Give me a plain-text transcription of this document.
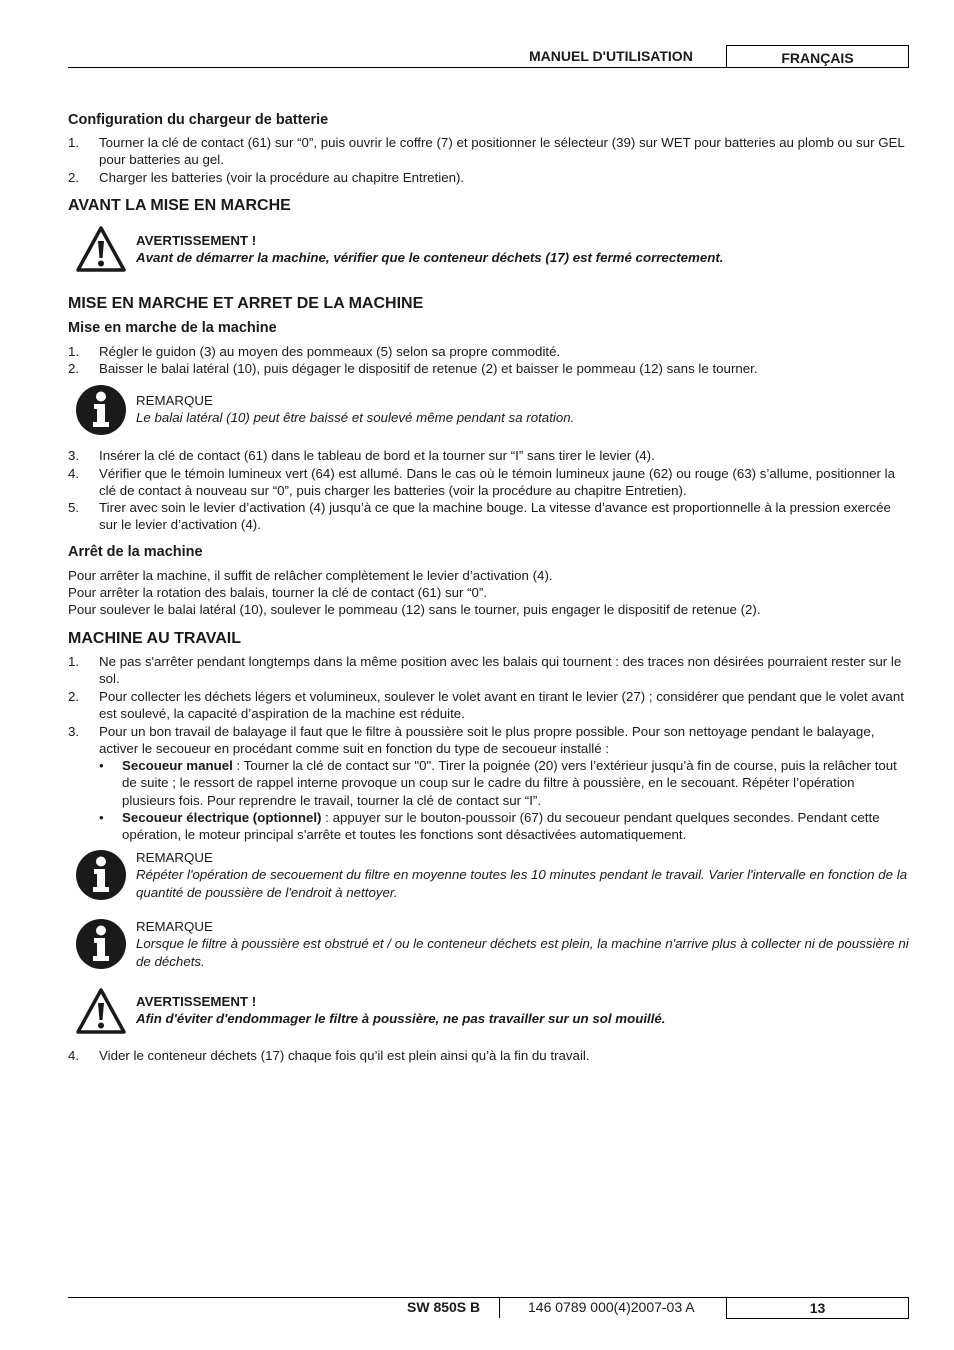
MANUEL D'UTILISATION	FRANÇAIS
Configuration du chargeur de batterie
1. Tourner la clé de contact (61) sur “0”, puis ouvrir le coffre (7) et positionner le sélecteur (39) sur WET pour batteries au plomb ou sur GEL pour batteries au gel.
2. Charger les batteries (voir la procédure au chapitre Entretien).
AVANT LA MISE EN MARCHE
AVERTISSEMENT !
Avant de démarrer la machine, vérifier que le conteneur déchets (17) est fermé correctement.
MISE EN MARCHE ET ARRET DE LA MACHINE
Mise en marche de la machine
1. Régler le guidon (3) au moyen des pommeaux (5) selon sa propre commodité.
2. Baisser le balai latéral (10), puis dégager le dispositif de retenue (2) et baisser le pommeau (12) sans le tourner.
REMARQUE
Le balai latéral (10) peut être baissé et soulevé même pendant sa rotation.
3. Insérer la clé de contact (61) dans le tableau de bord et la tourner sur “I” sans tirer le levier (4).
4. Vérifier que le témoin lumineux vert (64) est allumé. Dans le cas où le témoin lumineux jaune (62) ou rouge (63) s’allume, positionner la clé de contact à nouveau sur “0”, puis charger les batteries (voir la procédure au chapitre Entretien).
5. Tirer avec soin le levier d’activation (4) jusqu’à ce que la machine bouge. La vitesse d’avance est proportionnelle à la pression exercée sur le levier d’activation (4).
Arrêt de la machine
Pour arrêter la machine, il suffit de relâcher complètement le levier d’activation (4).
Pour arrêter la rotation des balais, tourner la clé de contact (61) sur “0”.
Pour soulever le balai latéral (10), soulever le pommeau (12) sans le tourner, puis engager le dispositif de retenue (2).
MACHINE AU TRAVAIL
1. Ne pas s'arrêter pendant longtemps dans la même position avec les balais qui tournent : des traces non désirées pourraient rester sur le sol.
2. Pour collecter les déchets légers et volumineux, soulever le volet avant en tirant le levier (27) ; considérer que pendant que le volet avant est soulevé, la capacité d’aspiration de la machine est réduite.
3. Pour un bon travail de balayage il faut que le filtre à poussière soit le plus propre possible. Pour son nettoyage pendant le balayage, activer le secoueur en procédant comme suit en fonction du type de secoueur installé :
• Secoueur manuel : Tourner la clé de contact sur "0". Tirer la poignée (20) vers l’extérieur jusqu’à fin de course, puis la relâcher tout de suite ; le ressort de rappel interne provoque un coup sur le cadre du filtre à poussière, en le secouant. Répéter l’opération plusieurs fois. Pour reprendre le travail, tourner la clé de contact sur “I”.
• Secoueur électrique (optionnel) : appuyer sur le bouton-poussoir (67) du secoueur pendant quelques secondes. Pendant cette opération, le moteur principal s'arrête et toutes les fonctions sont désactivées automatiquement.
REMARQUE
Répéter l'opération de secouement du filtre en moyenne toutes les 10 minutes pendant le travail. Varier l'intervalle en fonction de la quantité de poussière de l'endroit à nettoyer.
REMARQUE
Lorsque le filtre à poussière est obstrué et / ou le conteneur déchets est plein, la machine n'arrive plus à collecter ni de poussière ni de déchets.
AVERTISSEMENT !
Afin d'éviter d'endommager le filtre à poussière, ne pas travailler sur un sol mouillé.
4. Vider le conteneur déchets (17) chaque fois qu’il est plein ainsi qu’à la fin du travail.
SW 850S B	146 0789 000(4)2007-03 A	13
